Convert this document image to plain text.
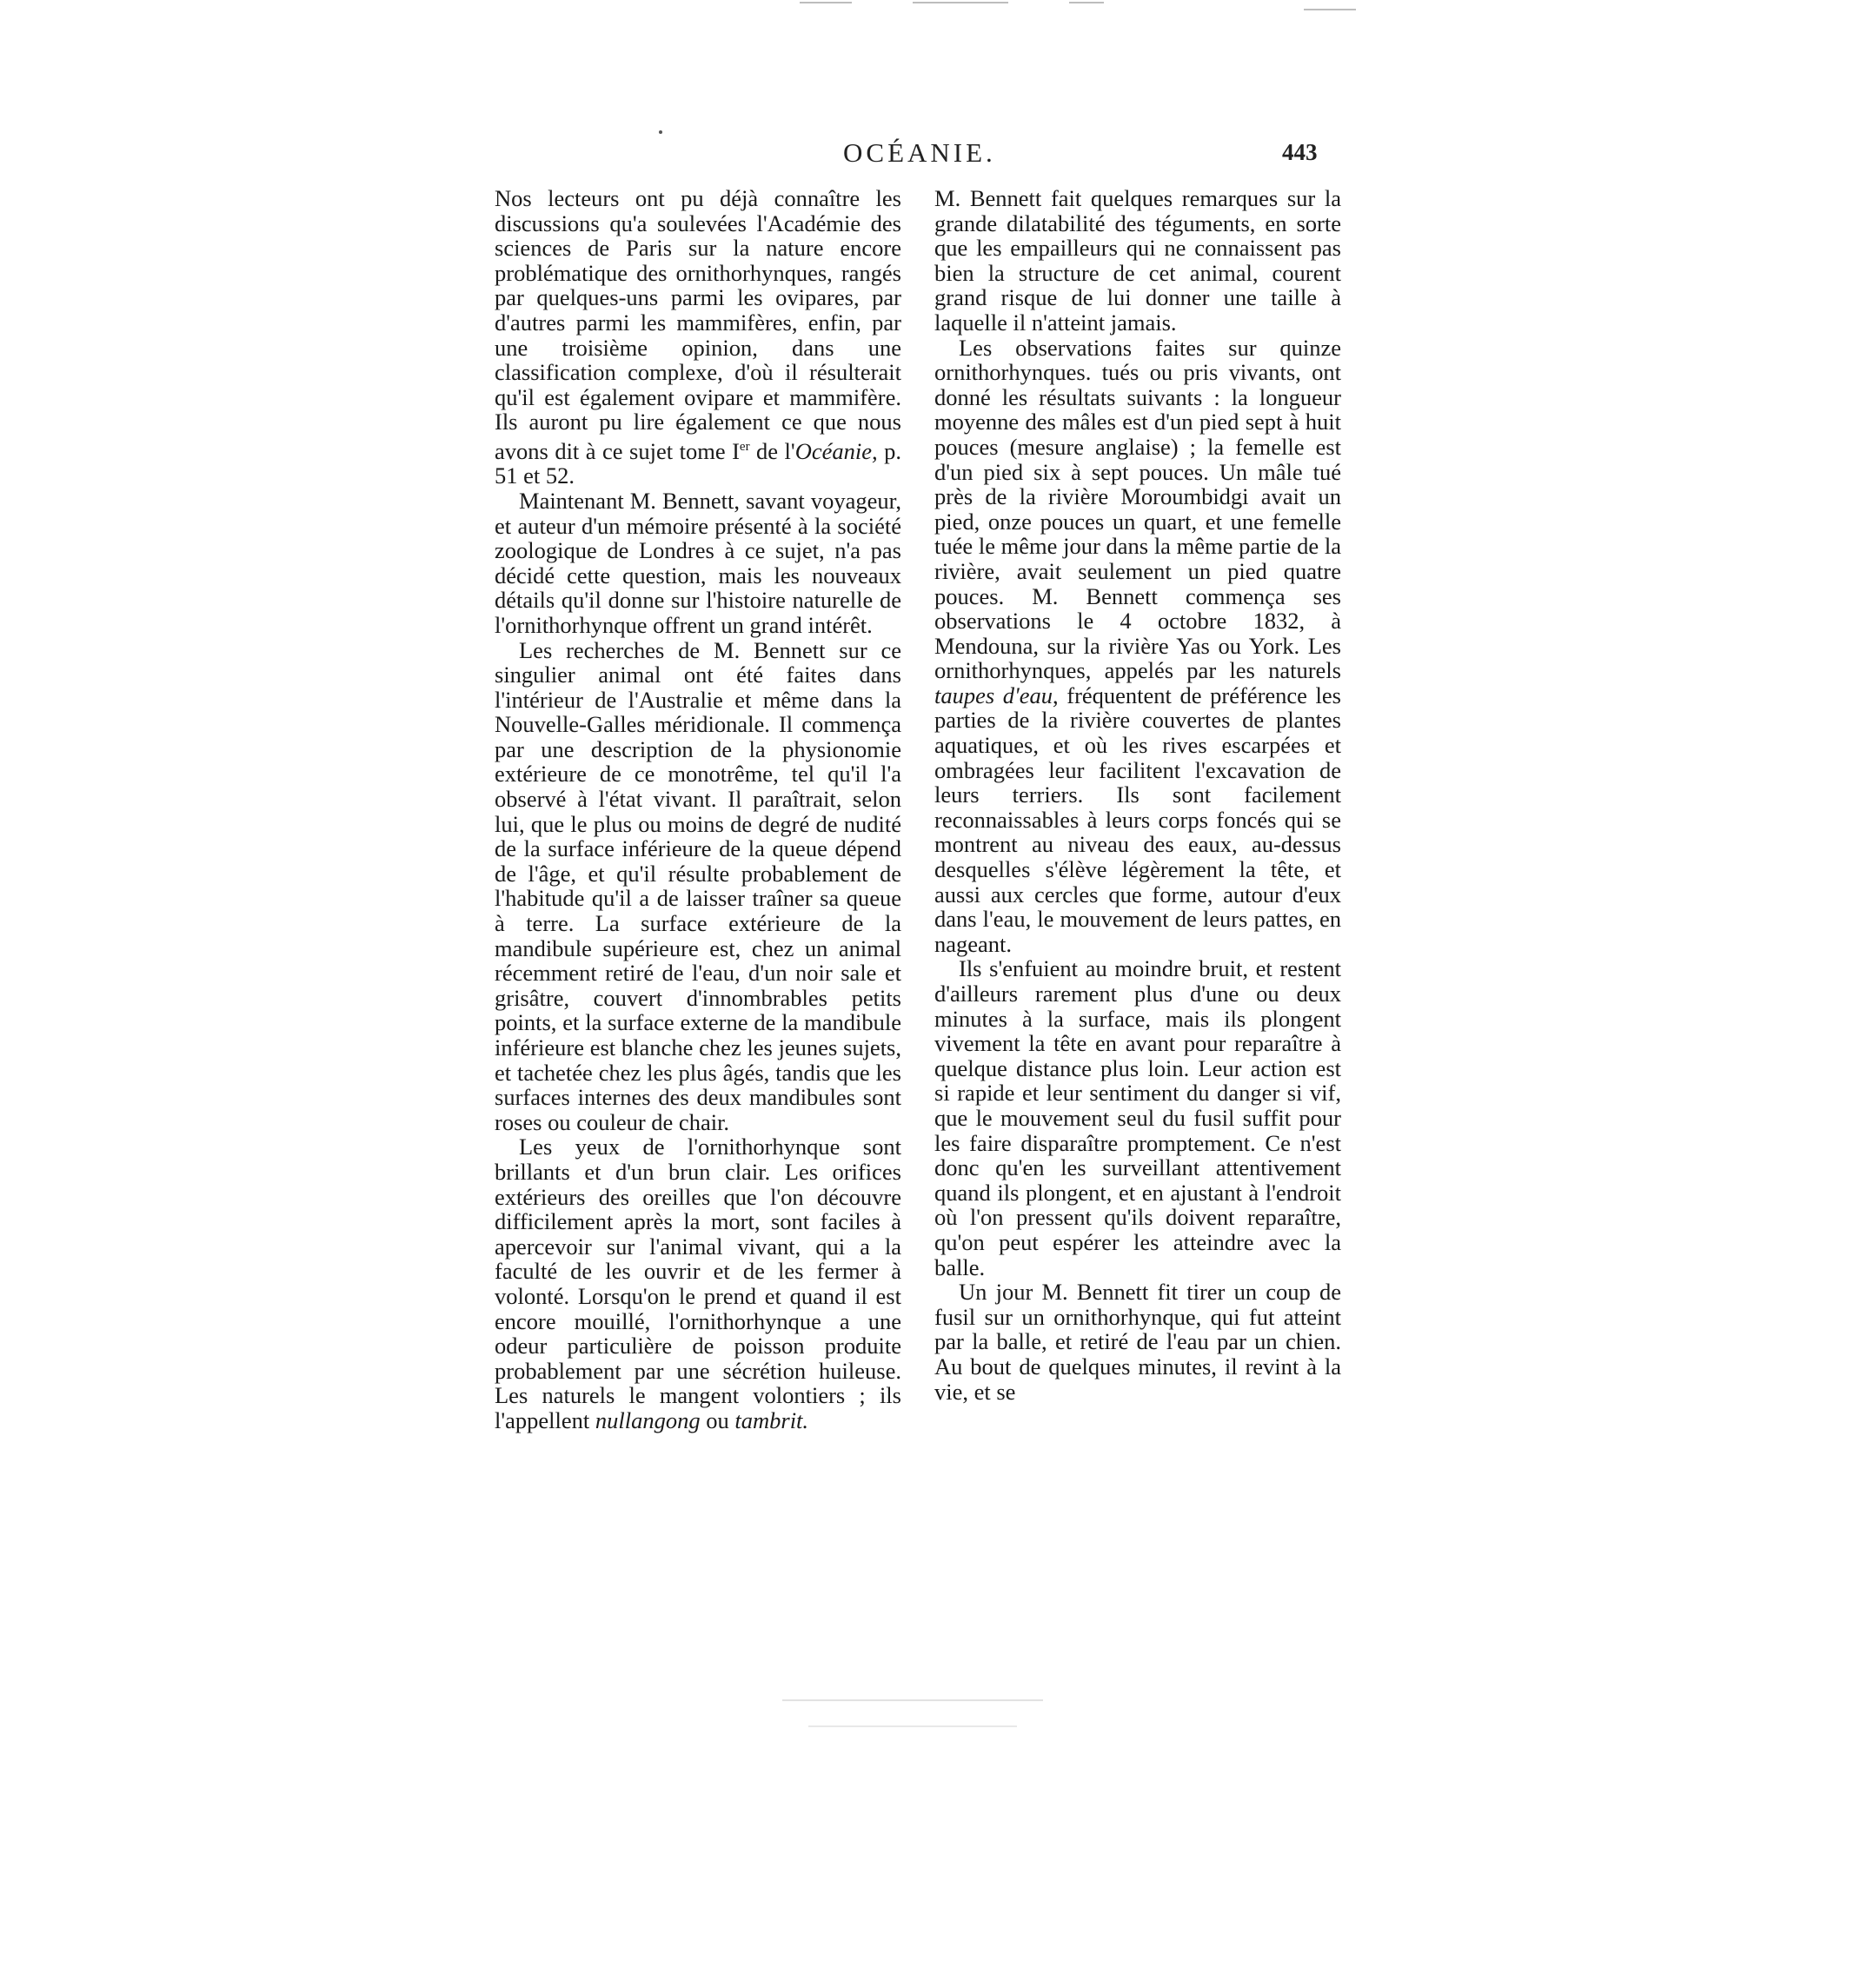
OCÉANIE.	443

Nos lecteurs ont pu déjà connaître les discussions qu'a soulevées l'Académie des sciences de Paris sur la nature encore problématique des ornithorhynques, rangés par quelques-uns parmi les ovipares, par d'autres parmi les mammifères, enfin, par une troisième opinion, dans une classification complexe, d'où il résulterait qu'il est également ovipare et mammifère. Ils auront pu lire également ce que nous avons dit à ce sujet tome Ier de l'Océanie, p. 51 et 52.

Maintenant M. Bennett, savant voyageur, et auteur d'un mémoire présenté à la société zoologique de Londres à ce sujet, n'a pas décidé cette question, mais les nouveaux détails qu'il donne sur l'histoire naturelle de l'ornithorhynque offrent un grand intérêt.

Les recherches de M. Bennett sur ce singulier animal ont été faites dans l'intérieur de l'Australie et même dans la Nouvelle-Galles méridionale. Il commença par une description de la physionomie extérieure de ce monotrême, tel qu'il l'a observé à l'état vivant. Il paraîtrait, selon lui, que le plus ou moins de degré de nudité de la surface inférieure de la queue dépend de l'âge, et qu'il résulte probablement de l'habitude qu'il a de laisser traîner sa queue à terre. La surface extérieure de la mandibule supérieure est, chez un animal récemment retiré de l'eau, d'un noir sale et grisâtre, couvert d'innombrables petits points, et la surface externe de la mandibule inférieure est blanche chez les jeunes sujets, et tachetée chez les plus âgés, tandis que les surfaces internes des deux mandibules sont roses ou couleur de chair.

Les yeux de l'ornithorhynque sont brillants et d'un brun clair. Les orifices extérieurs des oreilles que l'on découvre difficilement après la mort, sont faciles à apercevoir sur l'animal vivant, qui a la faculté de les ouvrir et de les fermer à volonté. Lorsqu'on le prend et quand il est encore mouillé, l'ornithorhynque a une odeur particulière de poisson produite probablement par une sécrétion huileuse. Les naturels le mangent volontiers ; ils l'appellent nullangong ou tambrit.

M. Bennett fait quelques remarques sur la grande dilatabilité des téguments, en sorte que les empailleurs qui ne connaissent pas bien la structure de cet animal, courent grand risque de lui donner une taille à laquelle il n'atteint jamais.

Les observations faites sur quinze ornithorhynques. tués ou pris vivants, ont donné les résultats suivants : la longueur moyenne des mâles est d'un pied sept à huit pouces (mesure anglaise) ; la femelle est d'un pied six à sept pouces. Un mâle tué près de la rivière Moroumbidgi avait un pied, onze pouces un quart, et une femelle tuée le même jour dans la même partie de la rivière, avait seulement un pied quatre pouces. M. Bennett commença ses observations le 4 octobre 1832, à Mendouna, sur la rivière Yas ou York. Les ornithorhynques, appelés par les naturels taupes d'eau, fréquentent de préférence les parties de la rivière couvertes de plantes aquatiques, et où les rives escarpées et ombragées leur facilitent l'excavation de leurs terriers. Ils sont facilement reconnaissables à leurs corps foncés qui se montrent au niveau des eaux, au-dessus desquelles s'élève légèrement la tête, et aussi aux cercles que forme, autour d'eux dans l'eau, le mouvement de leurs pattes, en nageant.

Ils s'enfuient au moindre bruit, et restent d'ailleurs rarement plus d'une ou deux minutes à la surface, mais ils plongent vivement la tête en avant pour reparaître à quelque distance plus loin. Leur action est si rapide et leur sentiment du danger si vif, que le mouvement seul du fusil suffit pour les faire disparaître promptement. Ce n'est donc qu'en les surveillant attentivement quand ils plongent, et en ajustant à l'endroit où l'on pressent qu'ils doivent reparaître, qu'on peut espérer les atteindre avec la balle.

Un jour M. Bennett fit tirer un coup de fusil sur un ornithorhynque, qui fut atteint par la balle, et retiré de l'eau par un chien. Au bout de quelques minutes, il revint à la vie, et se
